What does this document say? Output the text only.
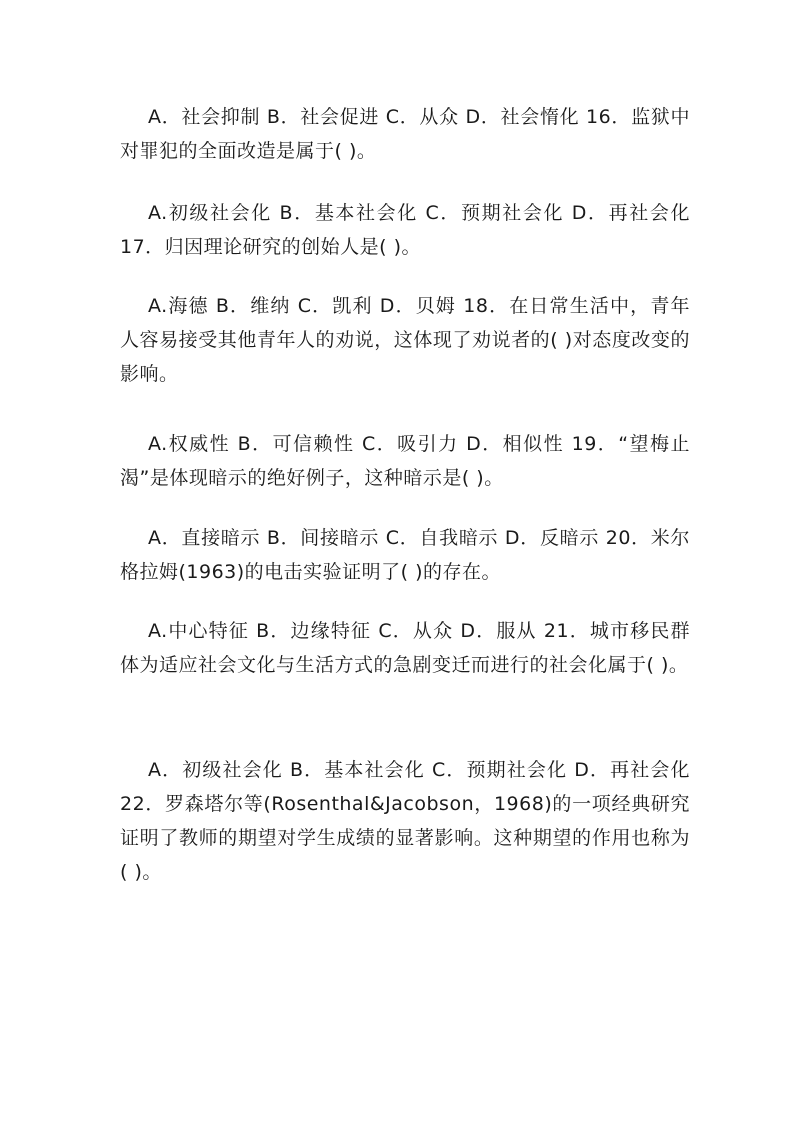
A．社会抑制 B．社会促进 C．从众 D．社会惰化 16．监狱中对罪犯的全面改造是属于( )。

A.初级社会化 B．基本社会化 C．预期社会化 D．再社会化 17．归因理论研究的创始人是( )。

A.海德 B．维纳 C．凯利 D．贝姆 18．在日常生活中，青年人容易接受其他青年人的劝说，这体现了劝说者的( )对态度改变的影响。

A.权威性 B．可信赖性 C．吸引力 D．相似性 19．“望梅止渴”是体现暗示的绝好例子，这种暗示是( )。

A．直接暗示 B．间接暗示 C．自我暗示 D．反暗示 20．米尔格拉姆(1963)的电击实验证明了( )的存在。

A.中心特征 B．边缘特征 C．从众 D．服从 21．城市移民群体为适应社会文化与生活方式的急剧变迁而进行的社会化属于( )。

A．初级社会化 B．基本社会化 C．预期社会化 D．再社会化 22．罗森塔尔等(Rosenthal&Jacobson，1968)的一项经典研究证明了教师的期望对学生成绩的显著影响。这种期望的作用也称为( )。
